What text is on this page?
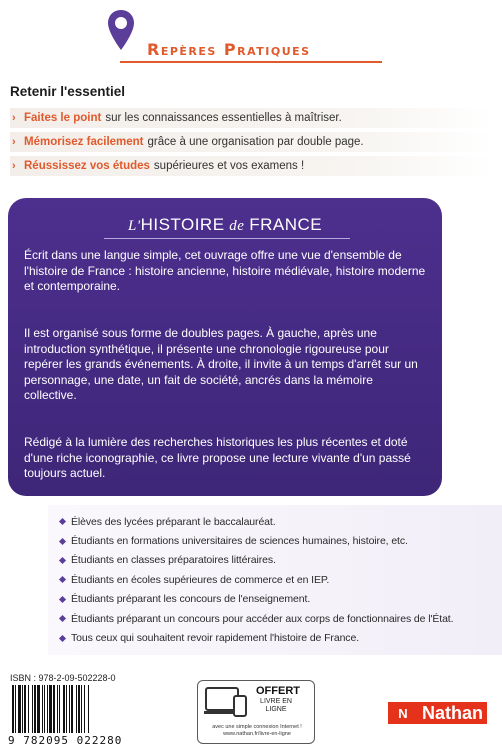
Repères Pratiques
Retenir l'essentiel
› Faites le point sur les connaissances essentielles à maîtriser.
› Mémorisez facilement grâce à une organisation par double page.
› Réussissez vos études supérieures et vos examens !
L'HISTOIRE de FRANCE

Écrit dans une langue simple, cet ouvrage offre une vue d'ensemble de l'histoire de France : histoire ancienne, histoire médiévale, histoire moderne et contemporaine.

Il est organisé sous forme de doubles pages. À gauche, après une introduction synthétique, il présente une chronologie rigoureuse pour repérer les grands événements. À droite, il invite à un temps d'arrêt sur un personnage, une date, un fait de société, ancrés dans la mémoire collective.

Rédigé à la lumière des recherches historiques les plus récentes et doté d'une riche iconographie, ce livre propose une lecture vivante d'un passé toujours actuel.

Élèves des lycées préparant le baccalauréat.
Étudiants en formations universitaires de sciences humaines, histoire, etc.
Étudiants en classes préparatoires littéraires.
Étudiants en écoles supérieures de commerce et en IEP.
Étudiants préparant les concours de l'enseignement.
Étudiants préparant un concours pour accéder aux corps de fonctionnaires de l'État.
Tous ceux qui souhaitent revoir rapidement l'histoire de France.
ISBN : 978-2-09-502228-0
9 782095 022280
OFFERT
LIVRE EN LIGNE
avec une simple connexion Internet ! www.nathan.fr/livre-en-ligne
N Nathan
